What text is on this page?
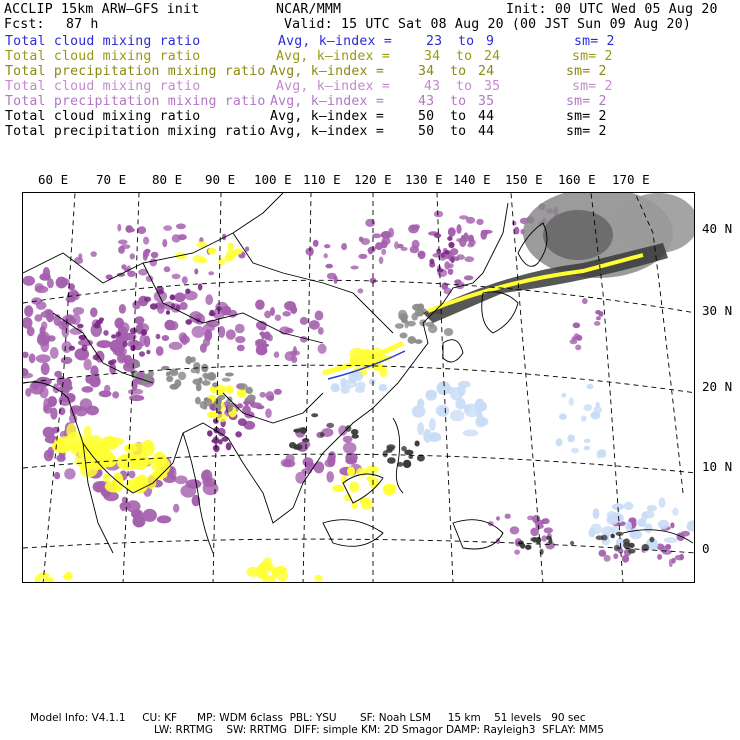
ACCLIP 15km ARW–GFS init	NCAR/MMM	Init: 00 UTC Wed 05 Aug 20
Fcst: 87 h	Valid: 15 UTC Sat 08 Aug 20 (00 JST Sun 09 Aug 20)
Total cloud mixing ratio	Avg, k–index =	23 to 9	sm= 2
Total cloud mixing ratio	Avg, k–index =	34 to 24	sm= 2
Total precipitation mixing ratio Avg, k–index =	34 to 24	sm= 2
Total cloud mixing ratio	Avg, k–index =	43 to 35	sm= 2
Total precipitation mixing ratio Avg, k–index =	43 to 35	sm= 2
Total cloud mixing ratio	Avg, k–index =	50 to 44	sm= 2
Total precipitation mixing ratio Avg, k–index =	50 to 44	sm= 2
60 E 70 E 80 E 90 E 100 E 110 E 120 E 130 E 140 E 150 E 160 E 170 E
40 N
30 N
20 N
10 N
0
Model Info: V4.1.1     CU: KF      MP: WDM 6class  PBL: YSU       SF: Noah LSM     15 km    51 levels   90 sec
LW: RRTMG    SW: RRTMG  DIFF: simple KM: 2D Smagor DAMP: Rayleigh3  SFLAY: MM5
